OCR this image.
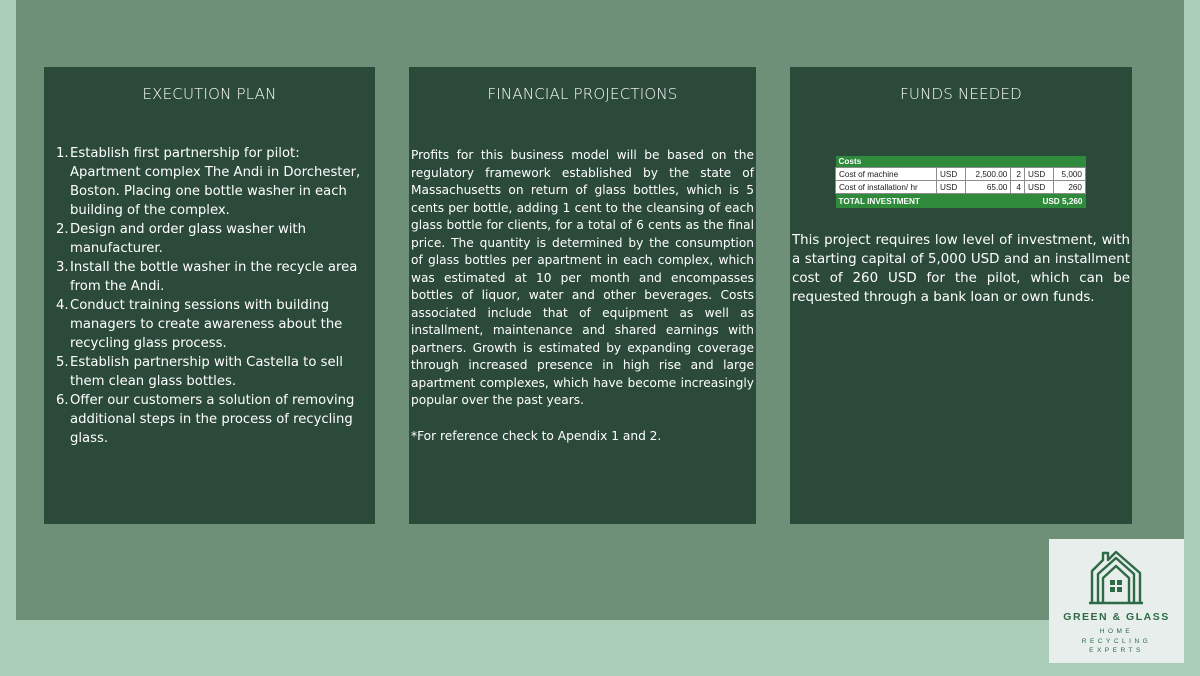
EXECUTION PLAN
1. Establish first partnership for pilot: Apartment complex The Andi in Dorchester, Boston. Placing one bottle washer in each building of the complex.
2. Design and order glass washer with manufacturer.
3. Install the bottle washer in the recycle area from the Andi.
4. Conduct training sessions with building managers to create awareness about the recycling glass process.
5. Establish partnership with Castella to sell them clean glass bottles.
6. Offer our customers a solution of removing additional steps in the process of recycling glass.
FINANCIAL PROJECTIONS

Profits for this business model will be based on the regulatory framework established by the state of Massachusetts on return of glass bottles, which is 5 cents per bottle, adding 1 cent to the cleansing of each glass bottle for clients, for a total of 6 cents as the final price. The quantity is determined by the consumption of glass bottles per apartment in each complex, which was estimated at 10 per month and encompasses bottles of liquor, water and other beverages. Costs associated include that of equipment as well as installment, maintenance and shared earnings with partners. Growth is estimated by expanding coverage through increased presence in high rise and large apartment complexes, which have become increasingly popular over the past years.

*For reference check to Apendix 1 and 2.

FUNDS NEEDED
Costs					
Cost of machine	USD	2,500.00	2	USD	5,000
Cost of installation/ hr	USD	65.00	4	USD	260
TOTAL INVESTMENT				USD 5,260	

This project requires low level of investment, with a starting capital of 5,000 USD and an installment cost of 260 USD for the pilot, which can be requested through a bank loan or own funds.

GREEN & GLASS
HOME
RECYCLING
EXPERTS
